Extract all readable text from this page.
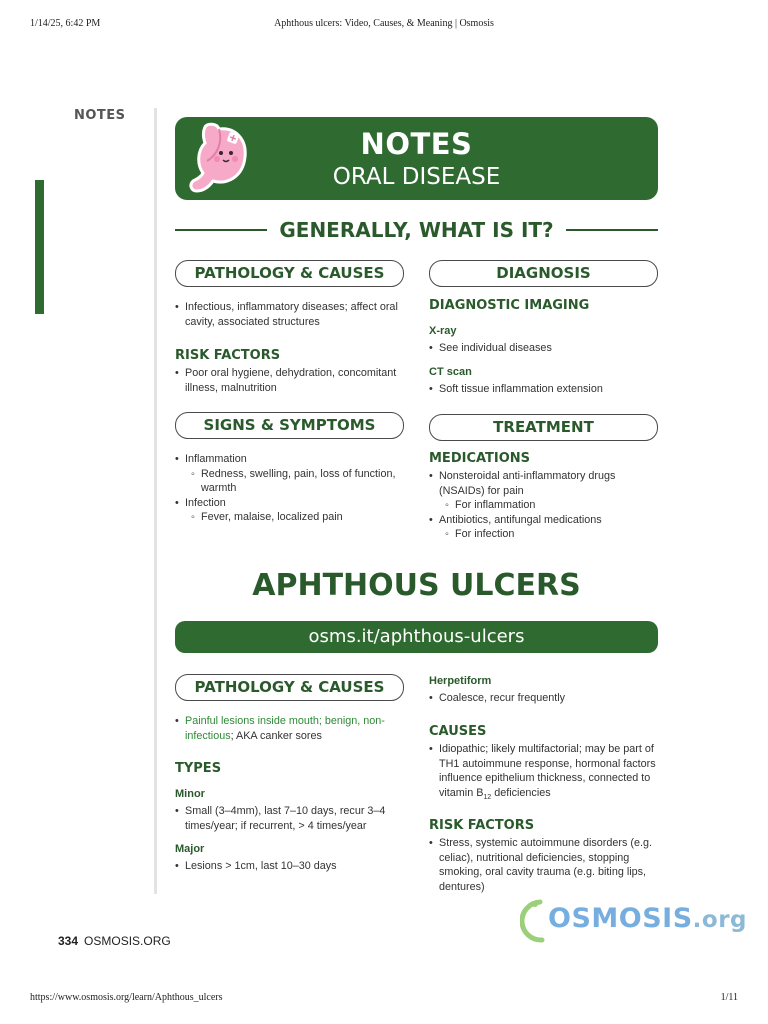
1/14/25, 6:42 PM	Aphthous ulcers: Video, Causes, & Meaning | Osmosis
https://www.osmosis.org/learn/Aphthous_ulcers	1/11
NOTES
NOTES
ORAL DISEASE
GENERALLY, WHAT IS IT?
PATHOLOGY & CAUSES
• Infectious, inflammatory diseases; affect oral cavity, associated structures
RISK FACTORS
• Poor oral hygiene, dehydration, concomitant illness, malnutrition
DIAGNOSIS
DIAGNOSTIC IMAGING
X-ray
• See individual diseases
CT scan
• Soft tissue inflammation extension
SIGNS & SYMPTOMS
• Inflammation
◦ Redness, swelling, pain, loss of function, warmth
• Infection
◦ Fever, malaise, localized pain
TREATMENT
MEDICATIONS
• Nonsteroidal anti-inflammatory drugs (NSAIDs) for pain
◦ For inflammation
• Antibiotics, antifungal medications
◦ For infection
APHTHOUS ULCERS
osms.it/aphthous-ulcers
PATHOLOGY & CAUSES
• Painful lesions inside mouth; benign, non-infectious; AKA canker sores
TYPES
Minor
• Small (3–4mm), last 7–10 days, recur 3–4 times/year; if recurrent, > 4 times/year
Major
• Lesions > 1cm, last 10–30 days
Herpetiform
• Coalesce, recur frequently
CAUSES
• Idiopathic; likely multifactorial; may be part of TH1 autoimmune response, hormonal factors influence epithelium thickness, connected to vitamin $B_{12}$ deficiencies
RISK FACTORS
• Stress, systemic autoimmune disorders (e.g. celiac), nutritional deficiencies, stopping smoking, oral cavity trauma (e.g. biting lips, dentures)
334 OSMOSIS.ORG
OSMOSIS.org
